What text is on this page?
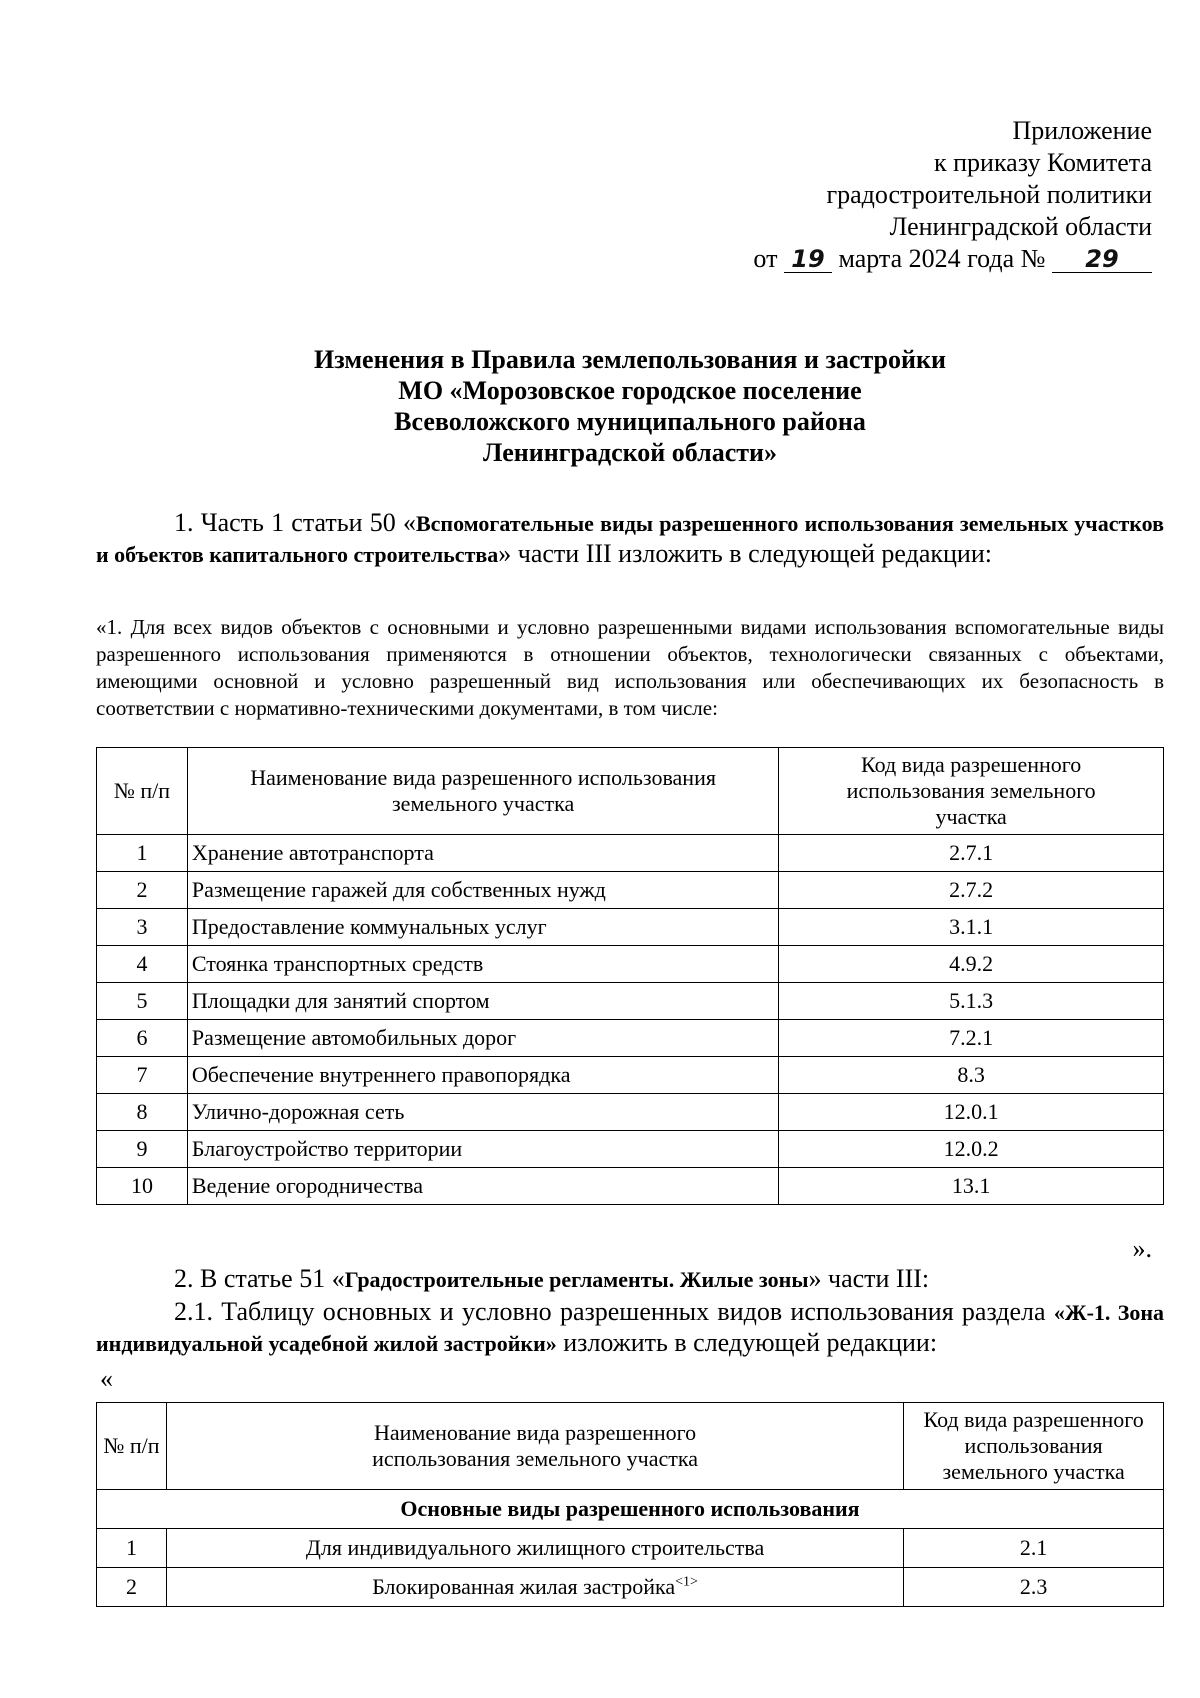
Приложение
к приказу Комитета
градостроительной политики
Ленинградской области
от 19 марта 2024 года № 29
Изменения в Правила землепользования и застройки
МО «Морозовское городское поселение
Всеволожского муниципального района
Ленинградской области»
1. Часть 1 статьи 50 «Вспомогательные виды разрешенного использования земельных участков и объектов капитального строительства» части III изложить в следующей редакции:
«1. Для всех видов объектов с основными и условно разрешенными видами использования вспомогательные виды разрешенного использования применяются в отношении объектов, технологически связанных с объектами, имеющими основной и условно разрешенный вид использования или обеспечивающих их безопасность в соответствии с нормативно-техническими документами, в том числе:
№ п/п	Наименование вида разрешенного использования земельного участка	Код вида разрешенного использования земельного участка
1	Хранение автотранспорта	2.7.1
2	Размещение гаражей для собственных нужд	2.7.2
3	Предоставление коммунальных услуг	3.1.1
4	Стоянка транспортных средств	4.9.2
5	Площадки для занятий спортом	5.1.3
6	Размещение автомобильных дорог	7.2.1
7	Обеспечение внутреннего правопорядка	8.3
8	Улично-дорожная сеть	12.0.1
9	Благоустройство территории	12.0.2
10	Ведение огородничества	13.1
».
2. В статье 51 «Градостроительные регламенты. Жилые зоны» части III:
2.1. Таблицу основных и условно разрешенных видов использования раздела «Ж-1. Зона индивидуальной усадебной жилой застройки» изложить в следующей редакции:
«
№ п/п	Наименование вида разрешенного использования земельного участка	Код вида разрешенного использования земельного участка
Основные виды разрешенного использования		
1	Для индивидуального жилищного строительства	2.1
2	Блокированная жилая застройка$^{<1>}$	2.3
